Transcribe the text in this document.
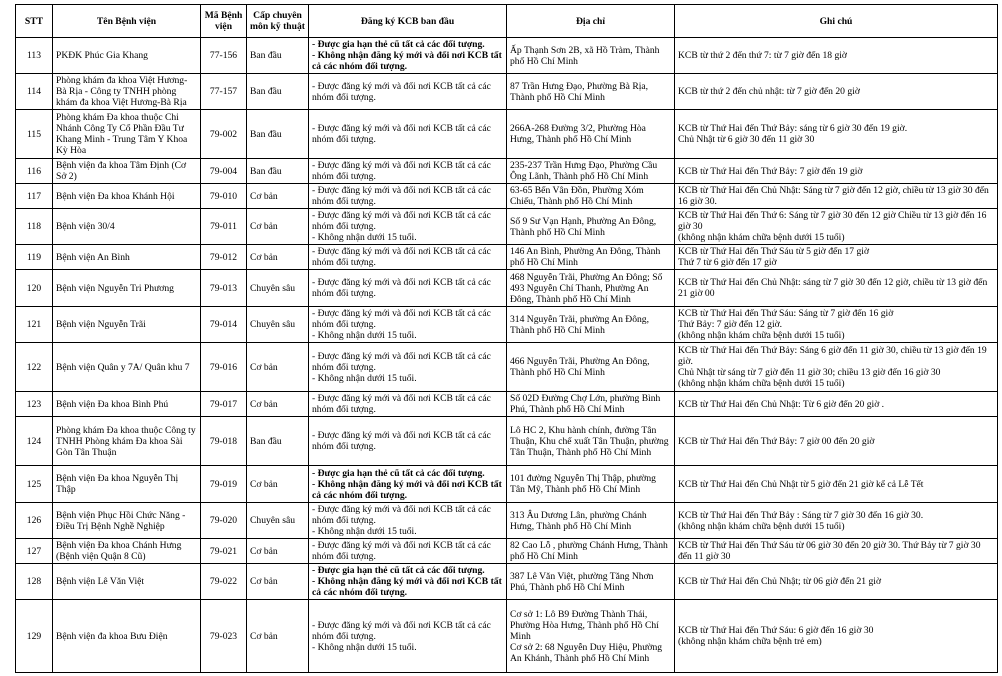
STT	Tên Bệnh viện	Mã Bệnh viện	Cấp chuyên môn kỹ thuật	Đăng ký KCB ban đầu	Địa chỉ	Ghi chú
113	PKĐK Phúc Gia Khang	77-156	Ban đầu	- Được gia hạn thẻ cũ tất cả các đối tượng.
- Không nhận đăng ký mới và đổi nơi KCB tất cả các nhóm đối tượng.	Ấp Thạnh Sơn 2B, xã Hồ Tràm, Thành phố Hồ Chí Minh	KCB từ thứ 2 đến thứ 7: từ 7 giờ đến 18 giờ

114	Phòng khám đa khoa Việt Hương-Bà Rịa - Công ty TNHH phòng khám đa khoa Việt Hương-Bà Rịa	77-157	Ban đầu	- Được đăng ký mới và đổi nơi KCB tất cả các nhóm đối tượng.	87 Trần Hưng Đạo, Phường Bà Rịa, Thành phố Hồ Chí Minh	KCB từ thứ 2 đến chủ nhật: từ 7 giờ đến 20 giờ

115	Phòng khám Đa khoa thuộc Chi Nhánh Công Ty Cổ Phần Đầu Tư Khang Minh - Trung Tâm Y Khoa Kỳ Hòa	79-002	Ban đầu	- Được đăng ký mới và đổi nơi KCB tất cả các nhóm đối tượng.	266A-268 Đường 3/2, Phường Hòa Hưng, Thành phố Hồ Chí Minh	KCB từ Thứ Hai đến Thứ Bảy: sáng từ 6 giờ 30 đến 19 giờ.
Chủ Nhật từ 6 giờ 30 đến 11 giờ 30

116	Bệnh viện đa khoa Tâm Định (Cơ Sở 2)	79-004	Ban đầu	- Được đăng ký mới và đổi nơi KCB tất cả các nhóm đối tượng.	235-237 Trần Hưng Đạo, Phường Cầu Ông Lãnh, Thành phố Hồ Chí Minh	KCB từ Thứ Hai đến Thứ Bảy: 7 giờ đến 19 giờ

117	Bệnh viện Đa khoa Khánh Hội	79-010	Cơ bản	- Được đăng ký mới và đổi nơi KCB tất cả các nhóm đối tượng.	63-65 Bến Vân Đồn, Phường Xóm Chiếu, Thành phố Hồ Chí Minh	KCB từ Thứ Hai đến Chủ Nhật: Sáng từ 7 giờ đến 12 giờ, chiều từ 13 giờ 30 đến 16 giờ 30.

118	Bệnh viện 30/4	79-011	Cơ bản	- Được đăng ký mới và đổi nơi KCB tất cả các nhóm đối tượng.
- Không nhận dưới 15 tuổi.	Số 9 Sư Vạn Hạnh, Phường An Đông, Thành phố Hồ Chí Minh	KCB từ Thứ Hai đến Thứ 6: Sáng từ 7 giờ 30 đến 12 giờ Chiều từ 13 giờ đến 16 giờ 30
(không nhận khám chữa bệnh dưới 15 tuổi)

119	Bệnh viện An Bình	79-012	Cơ bản	- Được đăng ký mới và đổi nơi KCB tất cả các nhóm đối tượng.	146 An Bình, Phường An Đông, Thành phố Hồ Chí Minh	KCB từ Thứ Hai đến Thứ Sáu từ 5 giờ đến 17 giờ
Thứ 7 từ 6 giờ đến 17 giờ

120	Bệnh viện Nguyễn Tri Phương	79-013	Chuyên sâu	- Được đăng ký mới và đổi nơi KCB tất cả các nhóm đối tượng.	468 Nguyễn Trãi, Phường An Đông; Số 493 Nguyễn Chí Thanh, Phường An Đông, Thành phố Hồ Chí Minh	KCB từ Thứ Hai đến Chủ Nhật: sáng từ 7 giờ 30 đến 12 giờ, chiều từ 13 giờ đến 21 giờ 00

121	Bệnh viện Nguyễn Trãi	79-014	Chuyên sâu	- Được đăng ký mới và đổi nơi KCB tất cả các nhóm đối tượng.
- Không nhận dưới 15 tuổi.	314 Nguyễn Trãi, phường An Đông, Thành phố Hồ Chí Minh	KCB từ Thứ Hai đến Thứ Sáu: Sáng từ 7 giờ đến 16 giờ
Thứ Bảy: 7 giờ đến 12 giờ.
(không nhận khám chữa bệnh dưới 15 tuổi)

122	Bệnh viện Quân y 7A/ Quân khu 7	79-016	Cơ bản	- Được đăng ký mới và đổi nơi KCB tất cả các nhóm đối tượng.
- Không nhận dưới 15 tuổi.	466 Nguyễn Trãi, Phường An Đông, Thành phố Hồ Chí Minh	KCB từ Thứ Hai đến Thứ Bảy: Sáng 6 giờ đến 11 giờ 30, chiều từ 13 giờ đến 19 giờ.
Chủ Nhật từ sáng từ 7 giờ đến 11 giờ 30; chiều 13 giờ đến 16 giờ 30
(không nhận khám chữa bệnh dưới 15 tuổi)

123	Bệnh viện Đa khoa Bình Phú	79-017	Cơ bản	- Được đăng ký mới và đổi nơi KCB tất cả các nhóm đối tượng.	Số 02D Đường Chợ Lớn, phường Bình Phú, Thành phố Hồ Chí Minh	KCB từ Thứ Hai đến Chủ Nhật: Từ 6 giờ đến 20 giờ .

124	Phòng khám Đa khoa thuộc Công ty TNHH Phòng khám Đa khoa Sài Gòn Tân Thuận	79-018	Ban đầu	- Được đăng ký mới và đổi nơi KCB tất cả các nhóm đối tượng.	Lô HC 2, Khu hành chính, đường Tân Thuận, Khu chế xuất Tân Thuận, phường Tân Thuận, Thành phố Hồ Chí Minh	KCB từ Thứ Hai đến Thứ Bảy: 7 giờ 00 đến 20 giờ

125	Bệnh viện Đa khoa Nguyễn Thị Thập	79-019	Cơ bản	- Được gia hạn thẻ cũ tất cả các đối tượng.
- Không nhận đăng ký mới và đổi nơi KCB tất cả các nhóm đối tượng.	101 đường Nguyễn Thị Thập, phường Tân Mỹ, Thành phố Hồ Chí Minh	KCB từ Thứ Hai đến Chủ Nhật từ 5 giờ đến 21 giờ kể cả Lễ Tết

126	Bệnh viện Phục Hồi Chức Năng - Điều Trị Bệnh Nghề Nghiệp	79-020	Chuyên sâu	- Được đăng ký mới và đổi nơi KCB tất cả các nhóm đối tượng.
- Không nhận dưới 15 tuổi.	313 Âu Dương Lân, phường Chánh Hưng, Thành phố Hồ Chí Minh	KCB từ Thứ Hai đến Thứ Bảy : Sáng từ 7 giờ 30 đến 16 giờ 30.
(không nhận khám chữa bệnh dưới 15 tuổi)

127	Bệnh viện Đa khoa Chánh Hưng (Bệnh viện Quận 8 Cũ)	79-021	Cơ bản	- Được đăng ký mới và đổi nơi KCB tất cả các nhóm đối tượng.	82 Cao Lỗ , phường Chánh Hưng, Thành phố Hồ Chí Minh	KCB từ Thứ Hai đến Thứ Sáu từ 06 giờ 30 đến 20 giờ 30. Thứ Bảy từ 7 giờ 30 đến 11 giờ 30

128	Bệnh viện Lê Văn Việt	79-022	Cơ bản	- Được gia hạn thẻ cũ tất cả các đối tượng.
- Không nhận đăng ký mới và đổi nơi KCB tất cả các nhóm đối tượng.	387 Lê Văn Việt, phường Tăng Nhơn Phú, Thành phố Hồ Chí Minh	KCB từ Thứ Hai đến Chủ Nhật; từ 06 giờ đến 21 giờ

129	Bệnh viện đa khoa Bưu Điện	79-023	Cơ bản	- Được đăng ký mới và đổi nơi KCB tất cả các nhóm đối tượng.
- Không nhận dưới 15 tuổi.	Cơ sở 1: Lô B9 Đường Thành Thái, Phường Hòa Hưng, Thành phố Hồ Chí Minh
Cơ sở 2: 68 Nguyễn Duy Hiệu, Phường An Khánh, Thành phố Hồ Chí Minh	KCB từ Thứ Hai đến Thứ Sáu: 6 giờ đến 16 giờ 30
(không nhận khám chữa bệnh trẻ em)
